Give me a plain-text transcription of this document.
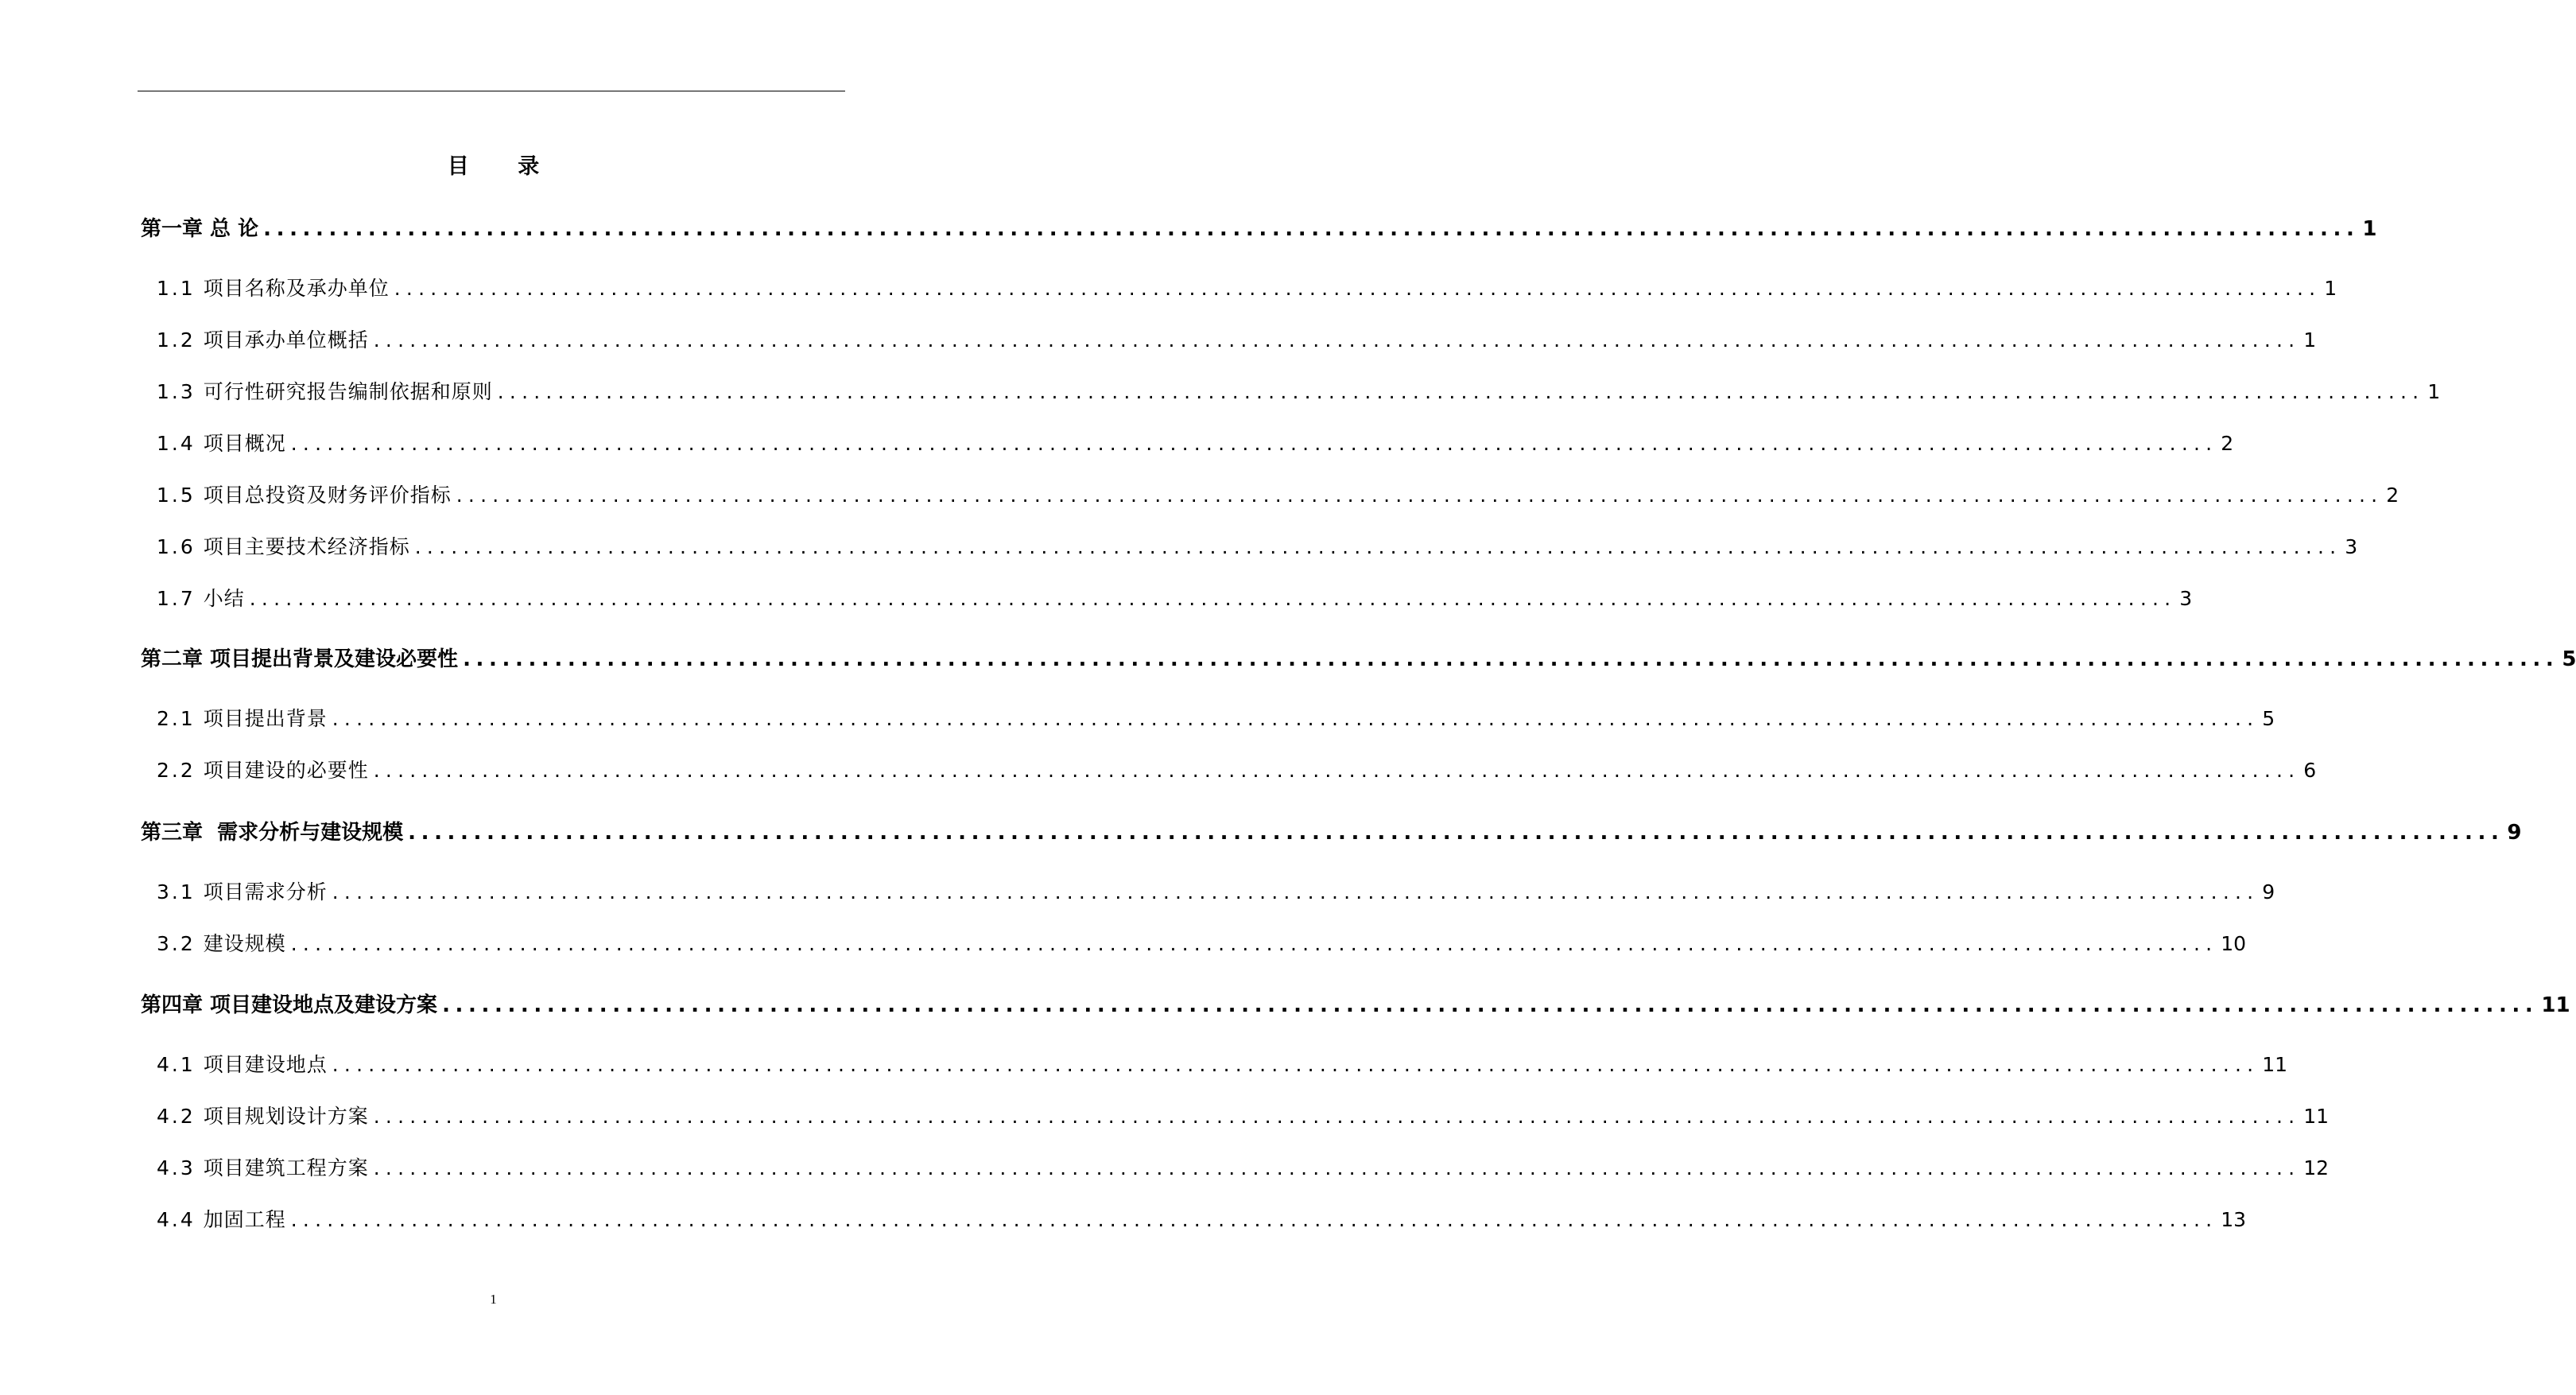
目 录
第一章 总 论 ................................................................................................................................................................ 1
1.1 项目名称及承办单位 ................................................................................................................................................................ 1
1.2 项目承办单位概括 ................................................................................................................................................................ 1
1.3 可行性研究报告编制依据和原则 ................................................................................................................................................................ 1
1.4 项目概况 ................................................................................................................................................................ 2
1.5 项目总投资及财务评价指标 ................................................................................................................................................................ 2
1.6 项目主要技术经济指标 ................................................................................................................................................................ 3
1.7 小结 ................................................................................................................................................................ 3
第二章 项目提出背景及建设必要性 ................................................................................................................................................................ 5
2.1 项目提出背景 ................................................................................................................................................................ 5
2.2 项目建设的必要性 ................................................................................................................................................................ 6
第三章  需求分析与建设规模 ................................................................................................................................................................ 9
3.1 项目需求分析 ................................................................................................................................................................ 9
3.2 建设规模 ................................................................................................................................................................ 10
第四章 项目建设地点及建设方案 ................................................................................................................................................................ 11
4.1 项目建设地点 ................................................................................................................................................................ 11
4.2 项目规划设计方案 ................................................................................................................................................................ 11
4.3 项目建筑工程方案 ................................................................................................................................................................ 12
4.4 加固工程 ................................................................................................................................................................ 13
1
